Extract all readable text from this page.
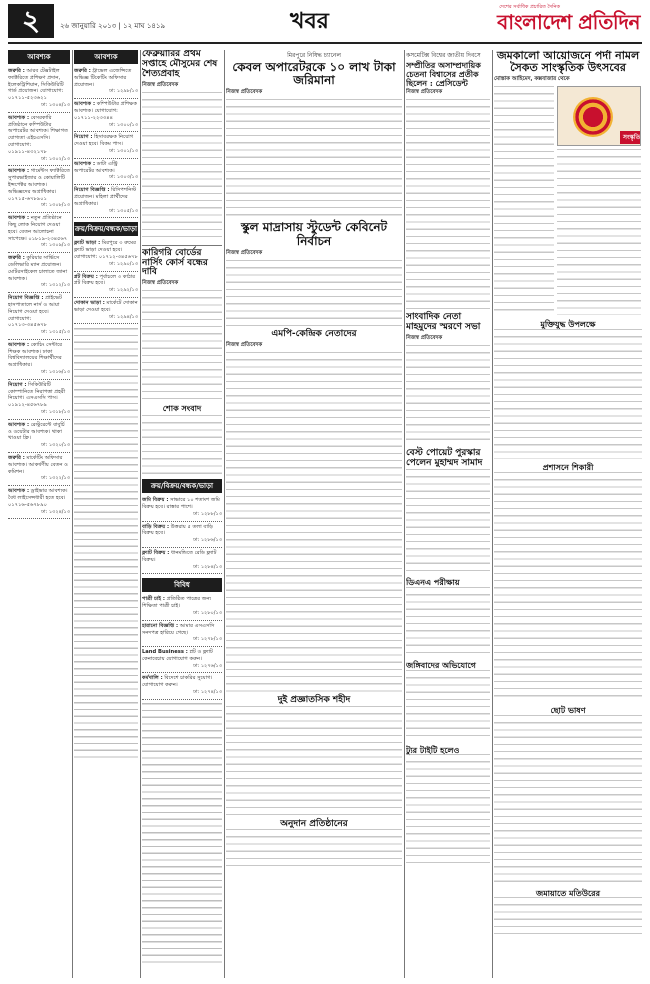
২	২৬ জানুয়ারি ২০১৩ | ১২ মাঘ ১৪১৯	খবর
দেশের সর্বাধিক প্রচারিত দৈনিক
বাংলাদেশ প্রতিদিন
আবশ্যক
জরুরি : আরব টেক্সটাইল ফ্যাক্টরিতে প্রশিক্ষণ প্রদান, ইলেকট্রিশিয়ান, সিকিউরিটি গার্ড প্রয়োজন। যোগাযোগ: ০১৭১১-৫২৩৬২১
ঢা: ১৩০৪/১৩
আবশ্যক : বেসরকারি প্রতিষ্ঠানে কম্পিউটার অপারেটর আবশ্যক। শিক্ষাগত যোগ্যতা এইচএসসি। যোগাযোগ: ০১৯১১-৪৩২১৭৮
ঢা: ১৩০২/১৩
আবশ্যক : গার্মেন্টস ফ্যাক্টরিতে সুপারভাইজার ও কোয়ালিটি ইন্সপেক্টর আবশ্যক। অভিজ্ঞদের অগ্রাধিকার। ০১৭১৫-৬৭৮৯০১
ঢা: ১৩০৮/১৩
আবশ্যক : নতুন প্রতিষ্ঠানে কিছু লোক নিয়োগ দেওয়া হবে। বেতন আলোচনা সাপেক্ষে। ০১৮১৯-২৩৪৫৬৭
ঢা: ১৩০৯/১৩
জরুরি : কুরিয়ার সার্ভিসে ডেলিভারি ম্যান প্রয়োজন। মোটরসাইকেল চালাতে জানা আবশ্যক।
ঢা: ১৩১২/১৩
নিয়োগ বিজ্ঞপ্তি : প্রাইভেট হাসপাতালে নার্স ও আয়া নিয়োগ দেওয়া হবে। যোগাযোগ: ০১৭১৩-৩৪৫৬৭৮
ঢা: ১৩১৫/১৩
আবশ্যক : কোচিং সেন্টারে শিক্ষক আবশ্যক। ঢাকা বিশ্ববিদ্যালয়ের শিক্ষার্থীদের অগ্রাধিকার।
ঢা: ১৩১৬/১৩
নিয়োগ : সিকিউরিটি কোম্পানিতে নিরাপত্তা প্রহরী নিয়োগ। এসএসসি পাস। ০১৯১২-৪৫৬৭৮৯
ঢা: ১৩১৮/১৩
আবশ্যক : রেস্টুরেন্টে বাবুর্চি ও ওয়েটার আবশ্যক। থাকা খাওয়া ফ্রি।
ঢা: ১৩২০/১৩
জরুরি : মার্কেটিং অফিসার আবশ্যক। আকর্ষণীয় বেতন ও কমিশন।
ঢা: ১৩২২/১৩
আবশ্যক : ড্রাইভার আবশ্যক। বৈধ লাইসেন্সধারী হতে হবে। ০১৭১৬-৫৬৭৮৯০
ঢা: ১৩২৪/১৩
আবশ্যক
জরুরি : ট্রাভেল এজেন্সিতে অভিজ্ঞ টিকেটিং অফিসার প্রয়োজন।
ঢা: ১২৯৮/১৩
আবশ্যক : কম্পিউটার প্রশিক্ষক আবশ্যক। যোগাযোগ: ০১৭১১-২২৩৩৪৪
ঢা: ১৩০০/১৩
নিয়োগ : হিসাবরক্ষক নিয়োগ দেওয়া হবে। বিকম পাস।
ঢা: ১৩০১/১৩
আবশ্যক : ডাটা এন্ট্রি অপারেটর আবশ্যক।
ঢা: ১৩০৩/১৩
নিয়োগ বিজ্ঞপ্তি : রিসিপশনিস্ট প্রয়োজন। মহিলা প্রার্থীদের অগ্রাধিকার।
ঢা: ১৩০৫/১৩
ক্রয়/বিক্রয়/বন্ধক/ভাড়া
ফ্ল্যাট ভাড়া : মিরপুরে ৩ রুমের ফ্ল্যাট ভাড়া দেওয়া হবে। যোগাযোগ: ০১৭১২-৩৪৫৬৭৮
ঢা: ১২৯০/১৩
প্লট বিক্রয় : পূর্বাচলে ৩ কাঠার প্লট বিক্রয় হবে।
ঢা: ১২৯২/১৩
দোকান ভাড়া : মার্কেটে দোকান ভাড়া দেওয়া হবে।
ঢা: ১২৯৪/১৩
ফেব্রুয়ারির প্রথম সপ্তাহে মৌসুমের শেষ শৈত্যপ্রবাহ
নিজস্ব প্রতিবেদক
কারিগরি বোর্ডের নার্সিং কোর্স বন্ধের দাবি
নিজস্ব প্রতিবেদক
শোক সংবাদ
ক্রয়/বিক্রয়/বন্ধক/ভাড়া
জমি বিক্রয় : সাভারে ১০ শতাংশ জমি বিক্রয় হবে। রাস্তার পাশে।
ঢা: ১২৮৮/১৩
বাড়ি বিক্রয় : উত্তরায় ৫ তলা বাড়ি বিক্রয় হবে।
ঢা: ১২৮৬/১৩
ফ্ল্যাট বিক্রয় : ধানমন্ডিতে রেডি ফ্ল্যাট বিক্রয়।
ঢা: ১২৮৪/১৩
বিবিধ
পাত্রী চাই : প্রতিষ্ঠিত পাত্রের জন্য শিক্ষিতা পাত্রী চাই।
ঢা: ১২৮০/১৩
হারানো বিজ্ঞপ্তি : আমার এসএসসি সনদপত্র হারিয়ে গেছে।
ঢা: ১২৭৮/১৩
Land Business : প্লট ও ফ্ল্যাট কেনাবেচায় যোগাযোগ করুন।
ঢা: ১২৭৬/১৩
কর্মখালি : বিদেশে চাকরির সুযোগ। যোগাযোগ করুন।
ঢা: ১২৭৪/১৩
মিরপুরে নিষিদ্ধ চ্যানেল
কেবল অপারেটরকে ১০ লাখ টাকা জরিমানা
নিজস্ব প্রতিবেদক
স্কুল মাদ্রাসায় স্টুডেন্ট কেবিনেট নির্বাচন
নিজস্ব প্রতিবেদক
এমপি-কেন্দ্রিক নেতাদের
নিজস্ব প্রতিবেদক
দুই প্রজ্ঞাতসিক শহীদ
অনুদান প্রতিষ্ঠানের
কসমেটিক্স বিশ্বের জাতীয় দিবসে
সম্প্রীতির অসাম্প্রদায়িক চেতনা বিশ্বাসের প্রতীক ছিলেন : প্রেসিডেন্ট
নিজস্ব প্রতিবেদক
সাংবাদিক নেতা মাহমুদের স্মরণে সভা
নিজস্ব প্রতিবেদক
বেস্ট পোয়েট পুরস্কার পেলেন মুহাম্মদ সামাদ
ডিএনএ পরীক্ষায়
জঙ্গিবাদের অভিযোগে
ট্যুর টাইটি হলেও
জমকালো আয়োজনে পর্দা নামল সৈকত সাংস্কৃতিক উৎসবের
মোস্তাক আহিমেদ, কক্সবাজার থেকে
সংস্কৃতি
মুক্তিযুদ্ধ উপলক্ষে
প্রশাসনে শিকারী
ছোট ভাষণ
জমায়াতে মতিউরের
